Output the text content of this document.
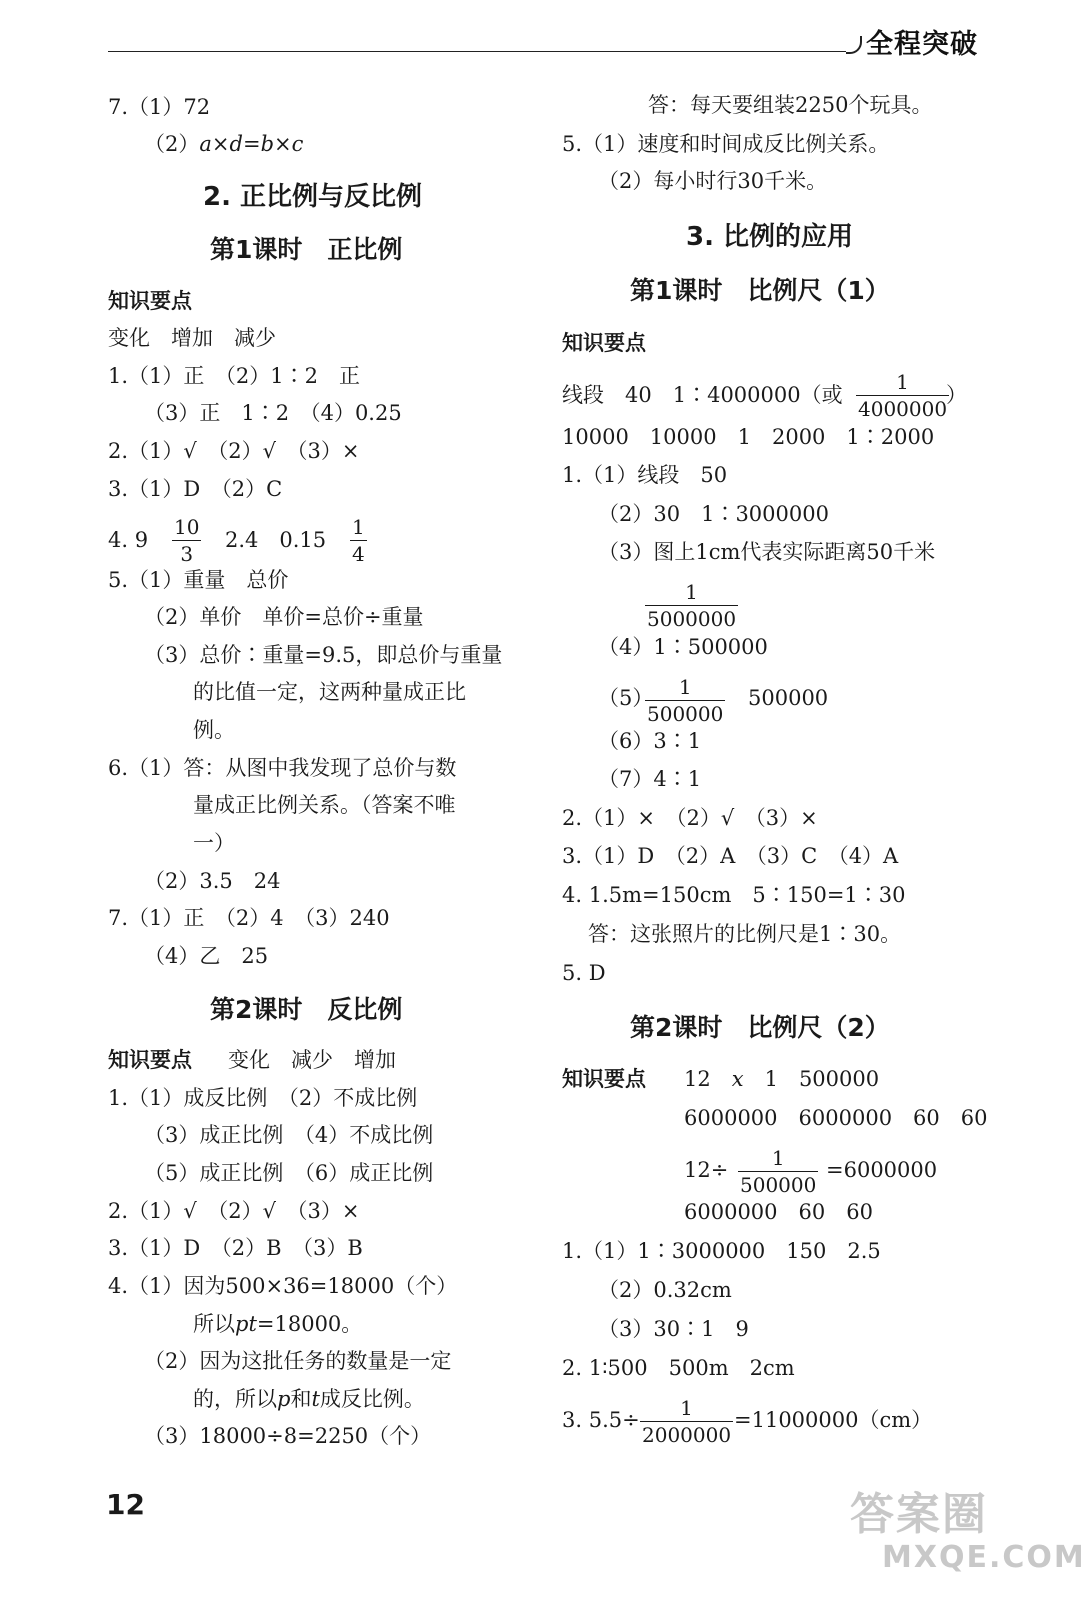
全程突破
7.（1）72
（2）a×d=b×c
2. 正比例与反比例
第1课时　正比例
知识要点
变化　增加　减少
1.（1）正　（2）1∶2　正
（3）正　1∶2　（4）0.25
2.（1）√　（2）√　（3）×
3.（1）D　（2）C
4. $9 \frac{10}{3} 2.4$　$0.15 \frac{1}{4}$
5.（1）重量　总价
（2）单价　单价=总价÷重量
（3）总价∶重量=9.5，即总价与重量
的比值一定，这两种量成正比
例。
6.（1）答：从图中我发现了总价与数
量成正比例关系。（答案不唯
一）
（2）3.5　24
7.（1）正　（2）4　（3）240
（4）乙　25
第2课时　反比例
知识要点 变化　减少　增加
1.（1）成反比例　（2）不成比例
（3）成正比例　（4）不成比例
（5）成正比例　（6）成正比例
2.（1）√　（2）√　（3）×
3.（1）D　（2）B　（3）B
4.（1）因为500×36=18000（个）
所以pt=18000。
（2）因为这批任务的数量是一定
的，所以p和t成反比例。
（3）18000÷8=2250（个）
答：每天要组装2250个玩具。
5.（1）速度和时间成反比例关系。
（2）每小时行30千米。
3. 比例的应用
第1课时　比例尺（1）
知识要点
线段　40　1∶4000000（或 $\frac{1}{4000000}$
）
10000　10000　1　2000　1∶2000
1.（1）线段　50
（2）30　1∶3000000
（3）图上1cm代表实际距离50千米
$\frac{1}{5000000}$
（4）1∶500000
（5）
$\frac{1}{500000} 500000$
（6）3∶1
（7）4∶1
2.（1）×　（2）√　（3）×
3.（1）D　（2）A　（3）C　（4）A
4. 1.5m=150cm　5∶150=1∶30
答：这张照片的比例尺是1∶30。
5. D
第2课时　比例尺（2）
知识要点 12　x　1　500000
6000000　6000000　60　60
$12\div \frac{1}{500000} =6000000$
6000000　60　60
1.（1）1∶3000000　150　2.5
（2）0.32cm
（3）30∶1　9
2. 1∶500　500m　2cm
3. $5.5\div \frac{1}{2000000} =11000000(cm)$
12	答案圈
MXQE.COM
